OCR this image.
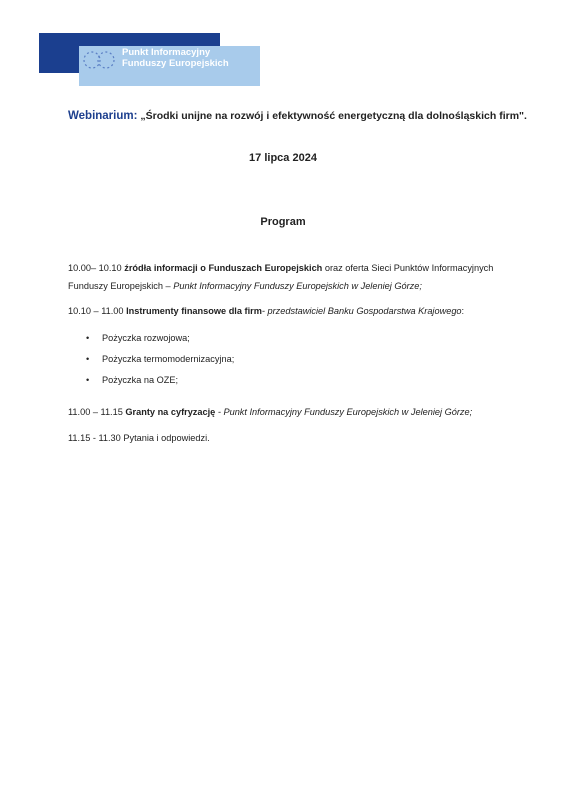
Punkt Informacyjny
Funduszy Europejskich
Webinarium: „Środki unijne na rozwój i efektywność energetyczną dla dolnośląskich firm".
17 lipca 2024
Program
10.00– 10.10 źródła informacji o Funduszach Europejskich oraz oferta Sieci Punktów Informacyjnych
Funduszy Europejskich – Punkt Informacyjny Funduszy Europejskich w Jeleniej Górze;
10.10 – 11.00 Instrumenty finansowe dla firm- przedstawiciel Banku Gospodarstwa Krajowego:
• Pożyczka rozwojowa;
• Pożyczka termomodernizacyjna;
• Pożyczka na OZE;
11.00 – 11.15 Granty na cyfryzację - Punkt Informacyjny Funduszy Europejskich w Jeleniej Górze;
11.15 - 11.30 Pytania i odpowiedzi.
